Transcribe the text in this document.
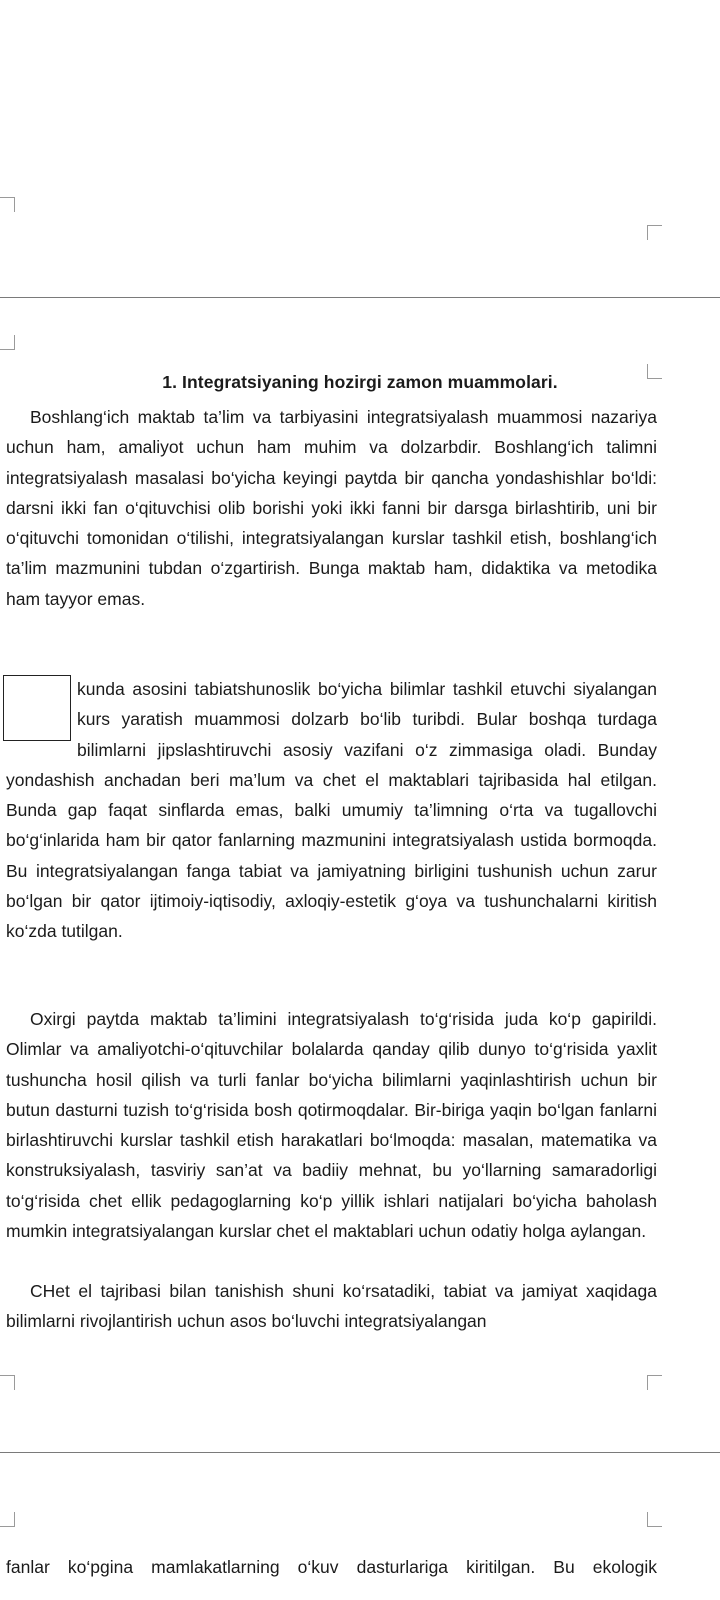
1. Integratsiyaning hozirgi zamon muammolari.
Boshlang‘ich maktab ta’lim va tarbiyasini integratsiyalash muammosi nazariya uchun ham, amaliyot uchun ham muhim va dolzarbdir. Boshlang‘ich talimni integratsiyalash masalasi bo‘yicha keyingi paytda bir qancha yondashishlar bo‘ldi: darsni ikki fan o‘qituvchisi olib borishi yoki ikki fanni bir darsga birlashtirib, uni bir o‘qituvchi tomonidan o‘tilishi, integratsiyalangan kurslar tashkil etish, boshlang‘ich ta’lim mazmunini tubdan o‘zgartirish. Bunga maktab ham, didaktika va metodika ham tayyor emas.
kunda asosini tabiatshunoslik bo‘yicha bilimlar tashkil etuvchi siyalangan kurs yaratish muammosi dolzarb bo‘lib turibdi. Bular boshqa turdaga bilimlarni jipslashtiruvchi asosiy vazifani o‘z zimmasiga oladi. Bunday yondashish anchadan beri ma’lum va chet el maktablari tajribasida hal etilgan. Bunda gap faqat sinflarda emas, balki umumiy ta’limning o‘rta va tugallovchi bo‘g‘inlarida ham bir qator fanlarning mazmunini integratsiyalash ustida bormoqda. Bu integratsiyalangan fanga tabiat va jamiyatning birligini tushunish uchun zarur bo‘lgan bir qator ijtimoiy-iqtisodiy, axloqiy-estetik g‘oya va tushunchalarni kiritish ko‘zda tutilgan.
Oxirgi paytda maktab ta’limini integratsiyalash to‘g‘risida juda ko‘p gapirildi. Olimlar va amaliyotchi-o‘qituvchilar bolalarda qanday qilib dunyo to‘g‘risida yaxlit tushuncha hosil qilish va turli fanlar bo‘yicha bilimlarni yaqinlashtirish uchun bir butun dasturni tuzish to‘g‘risida bosh qotirmoqdalar. Bir-biriga yaqin bo‘lgan fanlarni birlashtiruvchi kurslar tashkil etish harakatlari bo‘lmoqda: masalan, matematika va konstruksiyalash, tasviriy san’at va badiiy mehnat, bu yo‘llarning samaradorligi to‘g‘risida chet ellik pedagoglarning ko‘p yillik ishlari natijalari bo‘yicha baholash mumkin integratsiyalangan kurslar chet el maktablari uchun odatiy holga aylangan.
CHet el tajribasi bilan tanishish shuni ko‘rsatadiki, tabiat va jamiyat xaqidaga bilimlarni rivojlantirish uchun asos bo‘luvchi integratsiyalangan
fanlar ko‘pgina mamlakatlarning o‘kuv dasturlariga kiritilgan. Bu ekologik
